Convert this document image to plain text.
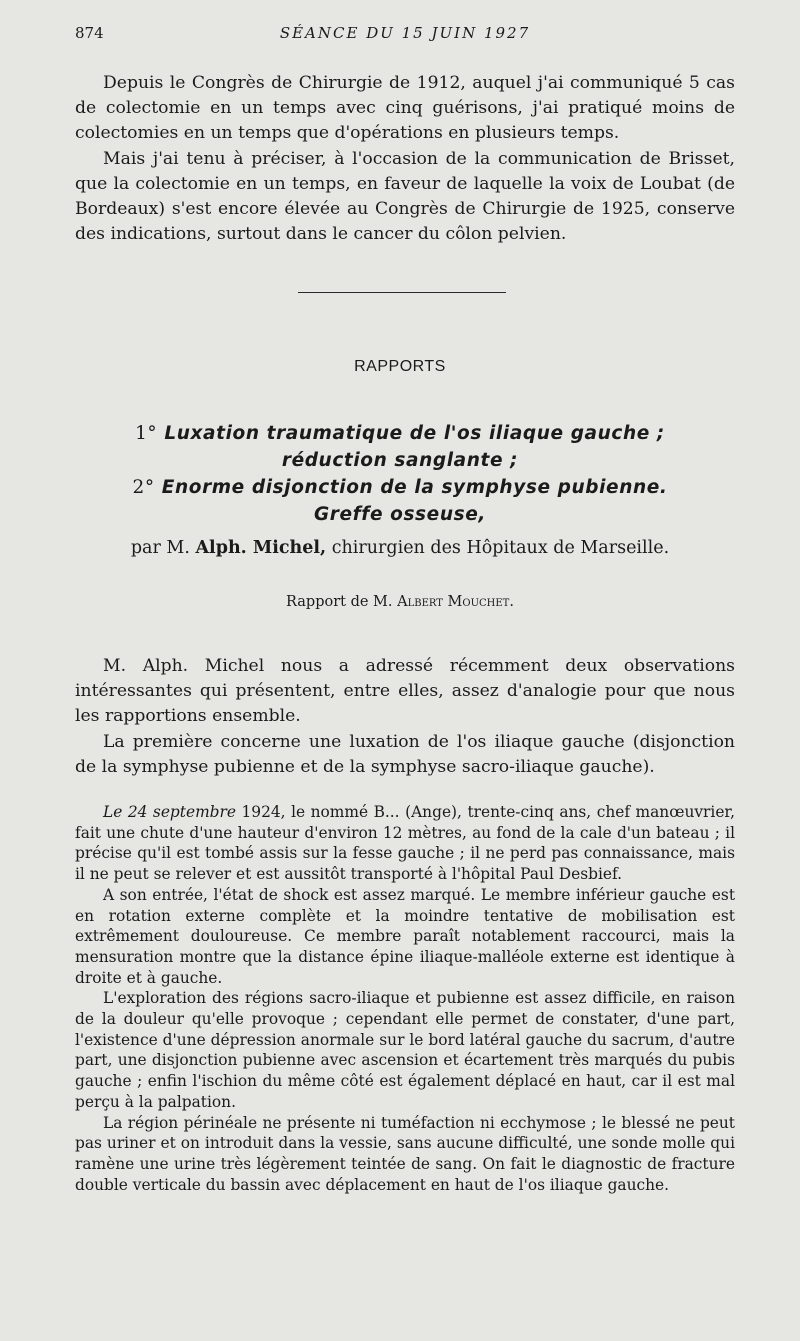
874	SÉANCE DU 15 JUIN 1927

Depuis le Congrès de Chirurgie de 1912, auquel j'ai communiqué 5 cas de colectomie en un temps avec cinq guérisons, j'ai pratiqué moins de colectomies en un temps que d'opérations en plusieurs temps.

Mais j'ai tenu à préciser, à l'occasion de la communication de Brisset, que la colectomie en un temps, en faveur de laquelle la voix de Loubat (de Bordeaux) s'est encore élevée au Congrès de Chirurgie de 1925, conserve des indications, surtout dans le cancer du côlon pelvien.

RAPPORTS
1° Luxation traumatique de l'os iliaque gauche ;
réduction sanglante ;
2° Enorme disjonction de la symphyse pubienne.
Greffe osseuse,
par M. Alph. Michel, chirurgien des Hôpitaux de Marseille.
Rapport de M. Albert Mouchet.

M. Alph. Michel nous a adressé récemment deux observations intéressantes qui présentent, entre elles, assez d'analogie pour que nous les rapportions ensemble.

La première concerne une luxation de l'os iliaque gauche (disjonction de la symphyse pubienne et de la symphyse sacro-iliaque gauche).

Le 24 septembre 1924, le nommé B... (Ange), trente-cinq ans, chef manœuvrier, fait une chute d'une hauteur d'environ 12 mètres, au fond de la cale d'un bateau ; il précise qu'il est tombé assis sur la fesse gauche ; il ne perd pas connaissance, mais il ne peut se relever et est aussitôt transporté à l'hôpital Paul Desbief.

A son entrée, l'état de shock est assez marqué. Le membre inférieur gauche est en rotation externe complète et la moindre tentative de mobilisation est extrêmement douloureuse. Ce membre paraît notablement raccourci, mais la mensuration montre que la distance épine iliaque-malléole externe est identique à droite et à gauche.

L'exploration des régions sacro-iliaque et pubienne est assez difficile, en raison de la douleur qu'elle provoque ; cependant elle permet de constater, d'une part, l'existence d'une dépression anormale sur le bord latéral gauche du sacrum, d'autre part, une disjonction pubienne avec ascension et écartement très marqués du pubis gauche ; enfin l'ischion du même côté est également déplacé en haut, car il est mal perçu à la palpation.

La région périnéale ne présente ni tuméfaction ni ecchymose ; le blessé ne peut pas uriner et on introduit dans la vessie, sans aucune difficulté, une sonde molle qui ramène une urine très légèrement teintée de sang. On fait le diagnostic de fracture double verticale du bassin avec déplacement en haut de l'os iliaque gauche.
